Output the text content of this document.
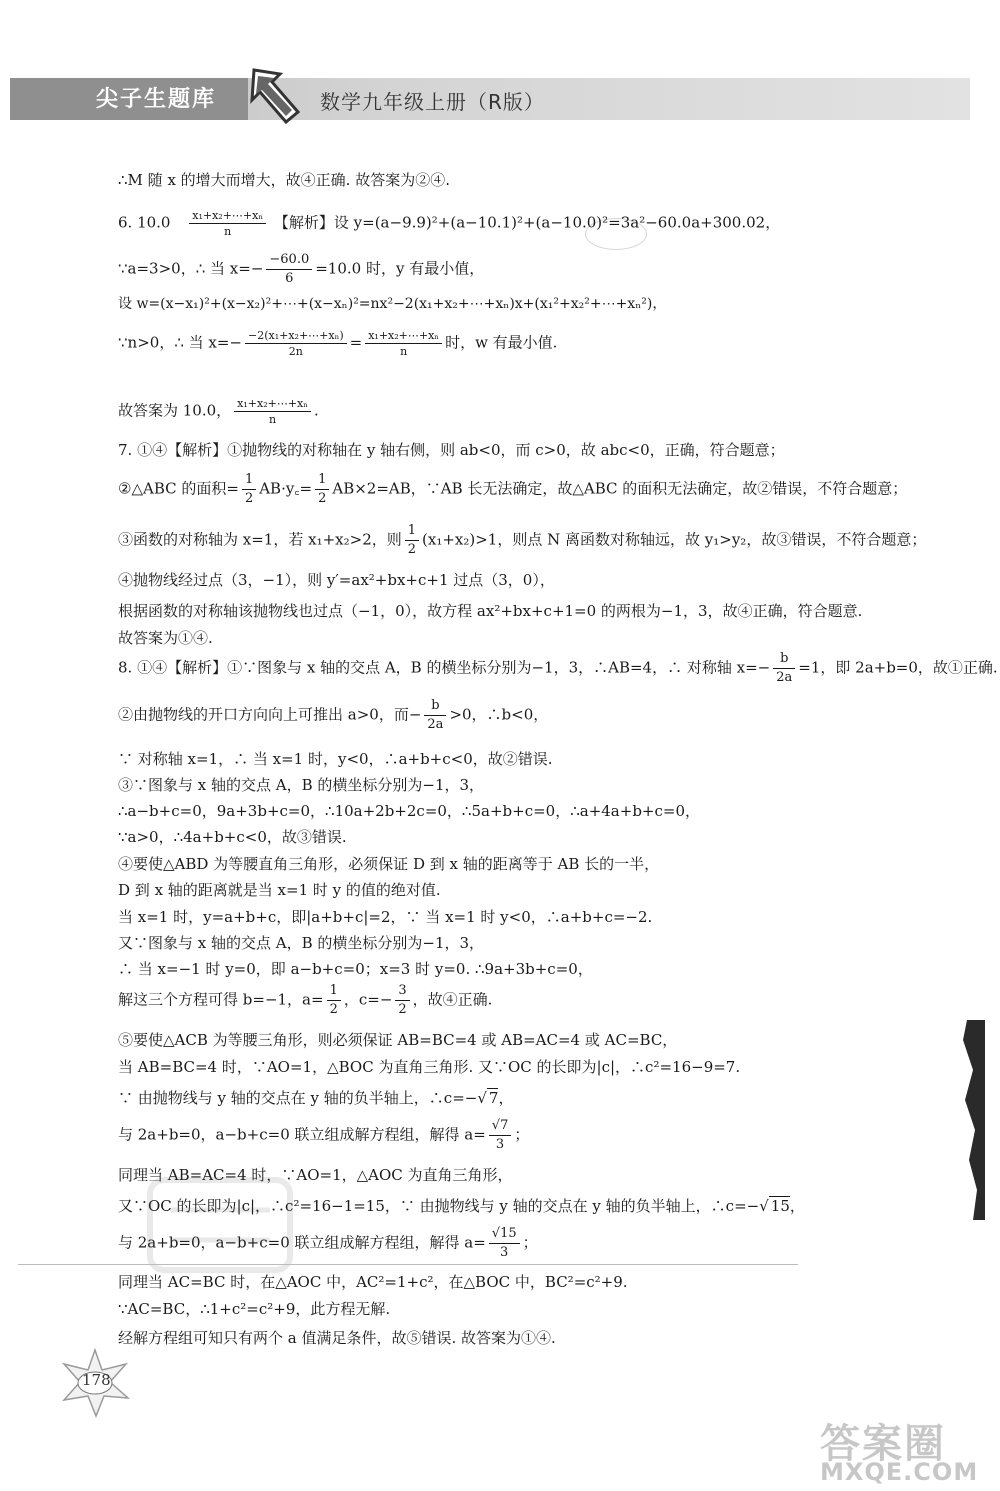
尖子生题库	数学九年级上册（R版）
∴M 随 x 的增大而增大，故④正确. 故答案为②④.
6. $10.0 \frac{\text{x₁+x₂+⋯+xₙ}}{n}$ 【解析】设 y=(a−9.9)²+(a−10.1)²+(a−10.0)²=3a²−60.0a+300.02，
∵a=3>0，∴ 当 $x=- \frac{-60.0}{6} =10.0$ 时，y 有最小值，
设 w=(x−x₁)²+(x−x₂)²+⋯+(x−xₙ)²=nx²−2(x₁+x₂+⋯+xₙ)x+(x₁²+x₂²+⋯+xₙ²)，
∵n>0，∴ 当 $x=- \frac{\text{−2(x₁+x₂+⋯+xₙ)}}{2n} = \frac{\text{x₁+x₂+⋯+xₙ}}{n}$ 时，w 有最小值.
故答案为 10.0， $\frac{\text{x₁+x₂+⋯+xₙ}}{n}$ .
7. ①④【解析】①抛物线的对称轴在 y 轴右侧，则 ab<0，而 c>0，故 abc<0，正确，符合题意；
②△ABC 的面积= $\frac{1}{2}$ AB·y꜀= $\frac{1}{2} AB\times 2=AB$，∵AB 长无法确定，故△ABC 的面积无法确定，故②错误，不符合题意；
③函数的对称轴为 x=1，若 x₁+x₂>2，则 $\frac{1}{2} (x_1+x_2)>1$，则点 N 离函数对称轴远，故 y₁>y₂，故③错误，不符合题意；
④抛物线经过点（3，−1），则 y′=ax²+bx+c+1 过点（3，0），
根据函数的对称轴该抛物线也过点（−1，0），故方程 ax²+bx+c+1=0 的两根为−1，3，故④正确，符合题意.
故答案为①④.
8. ①④【解析】①∵图象与 x 轴的交点 A，B 的横坐标分别为−1，3，∴AB=4，∴ 对称轴 $x=- \frac{b}{2a} =1$，即 2a+b=0，故①正确.
②由抛物线的开口方向向上可推出 a>0，而− $\frac{b}{2a} >0$，∴b<0，
∵ 对称轴 x=1，∴ 当 x=1 时，y<0，∴a+b+c<0，故②错误.
③∵图象与 x 轴的交点 A，B 的横坐标分别为−1，3，
∴a−b+c=0，9a+3b+c=0，∴10a+2b+2c=0，∴5a+b+c=0，∴a+4a+b+c=0，
∵a>0，∴4a+b+c<0，故③错误.
④要使△ABD 为等腰直角三角形，必须保证 D 到 x 轴的距离等于 AB 长的一半，
D 到 x 轴的距离就是当 x=1 时 y 的值的绝对值.
当 x=1 时，y=a+b+c，即|a+b+c|=2，∵ 当 x=1 时 y<0，∴a+b+c=−2.
又∵图象与 x 轴的交点 A，B 的横坐标分别为−1，3，
∴ 当 x=−1 时 y=0，即 a−b+c=0；x=3 时 y=0. ∴9a+3b+c=0，
解这三个方程可得 b=−1，$a= \frac{1}{2}$ ，$c=- \frac{3}{2}$ ，故④正确.
⑤要使△ACB 为等腰三角形，则必须保证 AB=BC=4 或 AB=AC=4 或 AC=BC，
当 AB=BC=4 时，∵AO=1，△BOC 为直角三角形. 又∵OC 的长即为|c|，∴c²=16−9=7.
∵ 由抛物线与 y 轴的交点在 y 轴的负半轴上，∴c=−√ 7，
与 2a+b=0，a−b+c=0 联立组成解方程组，解得 $a= \frac{√7}{3}$ ；
同理当 AB=AC=4 时，∵AO=1，△AOC 为直角三角形，
又∵OC 的长即为|c|，∴c²=16−1=15，∵ 由抛物线与 y 轴的交点在 y 轴的负半轴上，∴c=−√ 15，
与 2a+b=0，a−b+c=0 联立组成解方程组，解得 $a= \frac{√15}{3}$ ；
同理当 AC=BC 时，在△AOC 中，AC²=1+c²，在△BOC 中，BC²=c²+9.
∵AC=BC，∴1+c²=c²+9，此方程无解.
经解方程组可知只有两个 a 值满足条件，故⑤错误. 故答案为①④.
178
答案圈
MXQE.COM
